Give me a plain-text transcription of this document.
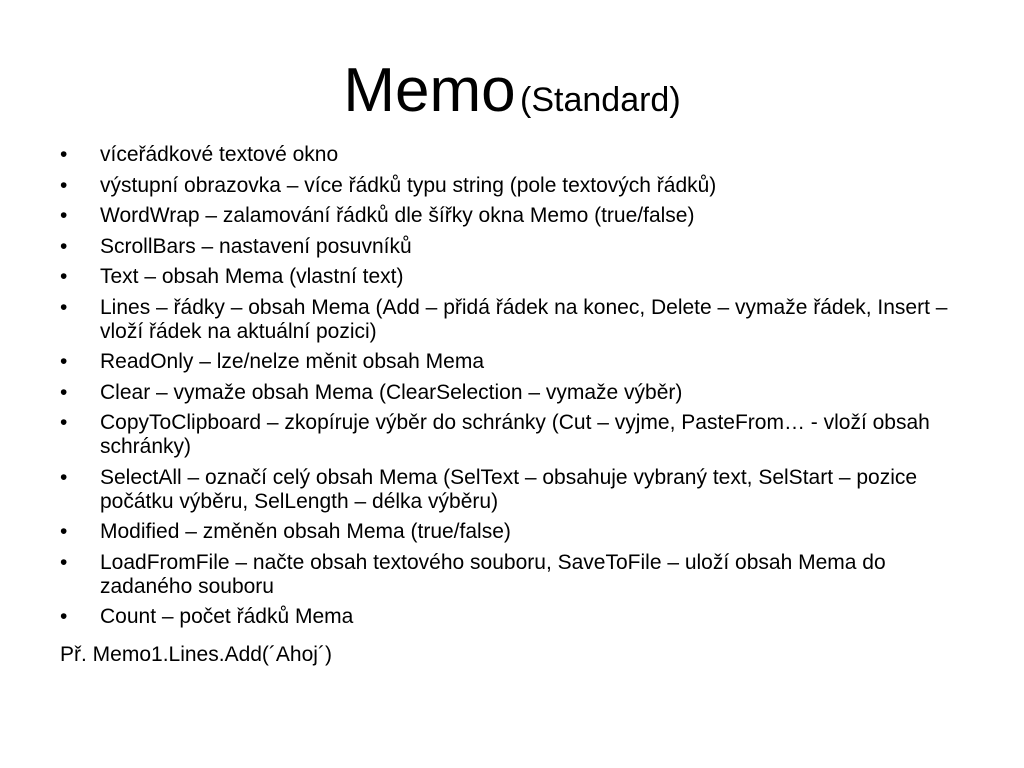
Memo (Standard)
•	víceřádkové textové okno
•	výstupní obrazovka – více řádků typu string (pole textových řádků)
•	WordWrap – zalamování řádků dle šířky okna Memo (true/false)
•	ScrollBars – nastavení posuvníků
•	Text – obsah Mema (vlastní text)
•	Lines – řádky – obsah Mema (Add – přidá řádek na konec, Delete – vymaže řádek, Insert – vloží řádek na aktuální pozici)
•	ReadOnly – lze/nelze měnit obsah Mema
•	Clear – vymaže obsah Mema (ClearSelection – vymaže výběr)
•	CopyToClipboard – zkopíruje výběr do schránky (Cut – vyjme, PasteFrom… - vloží obsah schránky)
•	SelectAll – označí celý obsah Mema (SelText – obsahuje vybraný text, SelStart – pozice počátku výběru, SelLength – délka výběru)
•	Modified – změněn obsah Mema (true/false)
•	LoadFromFile – načte obsah textového souboru, SaveToFile – uloží obsah Mema do zadaného souboru
•	Count – počet řádků Mema
Př. Memo1.Lines.Add(´Ahoj´)
